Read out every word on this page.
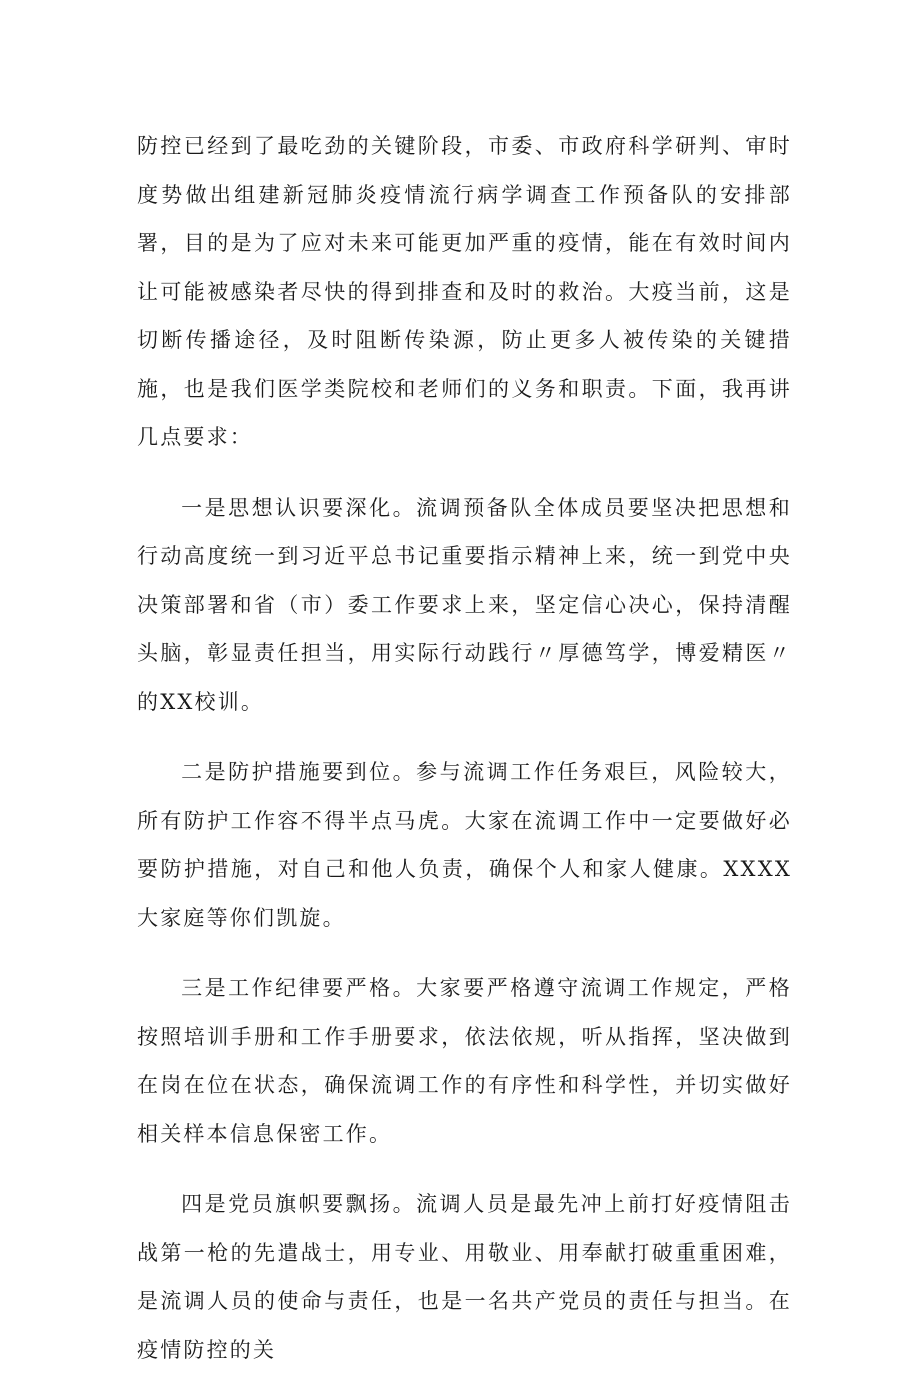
防控已经到了最吃劲的关键阶段，市委、市政府科学研判、审时度势做出组建新冠肺炎疫情流行病学调查工作预备队的安排部署，目的是为了应对未来可能更加严重的疫情，能在有效时间内让可能被感染者尽快的得到排查和及时的救治。大疫当前，这是切断传播途径，及时阻断传染源，防止更多人被传染的关键措施，也是我们医学类院校和老师们的义务和职责。下面，我再讲几点要求：

一是思想认识要深化。流调预备队全体成员要坚决把思想和行动高度统一到习近平总书记重要指示精神上来，统一到党中央决策部署和省（市）委工作要求上来，坚定信心决心，保持清醒头脑，彰显责任担当，用实际行动践行〃厚德笃学，博爱精医〃的XX校训。

二是防护措施要到位。参与流调工作任务艰巨，风险较大，所有防护工作容不得半点马虎。大家在流调工作中一定要做好必要防护措施，对自己和他人负责，确保个人和家人健康。XXXX大家庭等你们凯旋。

三是工作纪律要严格。大家要严格遵守流调工作规定，严格按照培训手册和工作手册要求，依法依规，听从指挥，坚决做到在岗在位在状态，确保流调工作的有序性和科学性，并切实做好相关样本信息保密工作。

四是党员旗帜要飘扬。流调人员是最先冲上前打好疫情阻击战第一枪的先遣战士，用专业、用敬业、用奉献打破重重困难，是流调人员的使命与责任，也是一名共产党员的责任与担当。在疫情防控的关
